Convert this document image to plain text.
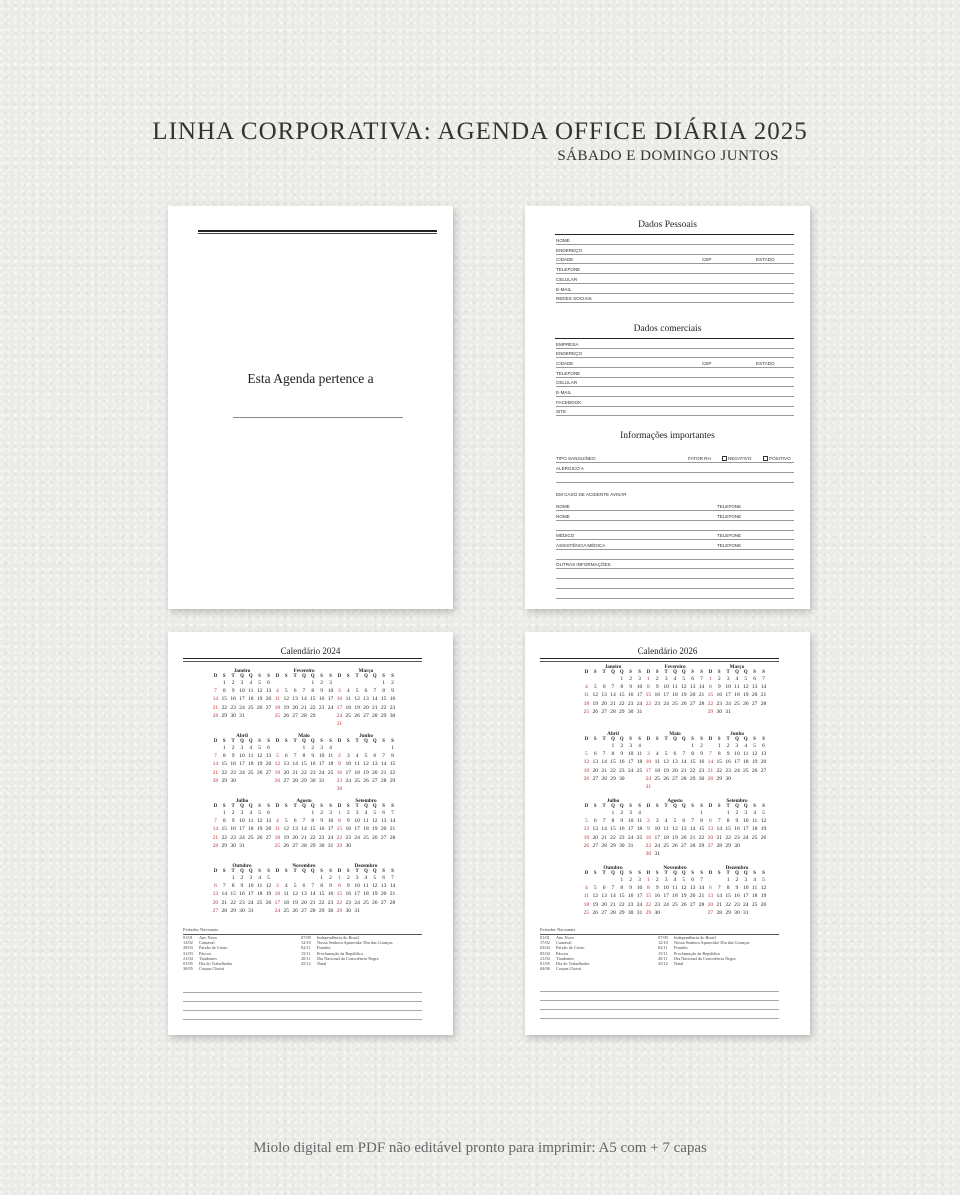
LINHA CORPORATIVA: AGENDA OFFICE DIÁRIA 2025
SÁBADO E DOMINGO JUNTOS
Esta Agenda pertence a
Dados Pessoais
NOME
ENDEREÇO
CIDADE	CEP	ESTADO
TELEFONE
CELULAR
E-MAIL
REDES SOCIAIS
Dados comerciais
EMPRESA
ENDEREÇO
CIDADE	CEP	ESTADO
TELEFONE
CELULAR
E-MAIL
FACEBOOK
SITE
Informações importantes
TIPO SANGUÍNEO	FATOR RH	NEGATIVO	POSITIVO
ALÉRGICO A
EM CASO DE ACIDENTE AVISAR
NOME	TELEFONE
NOME	TELEFONE
MÉDICO	TELEFONE
ASSISTÊNCIA MÉDICA	TELEFONE
OUTRAS INFORMAÇÕES
Calendário 2024
Janeiro
D	S	T	Q	Q	S	S
	1	2	3	4	5	6
7	8	9	10	11	12	13
14	15	16	17	18	19	20
21	22	23	24	25	26	27
28	29	30	31			
Fevereiro
D	S	T	Q	Q	S	S
				1	2	3
4	5	6	7	8	9	10
11	12	13	14	15	16	17
18	19	20	21	22	23	24
25	26	27	28	29		
Março
D	S	T	Q	Q	S	S
					1	2
3	4	5	6	7	8	9
10	11	12	13	14	15	16
17	18	19	20	21	22	23
24	25	26	27	28	29	30
31						
Abril
D	S	T	Q	Q	S	S
	1	2	3	4	5	6
7	8	9	10	11	12	13
14	15	16	17	18	19	20
21	22	23	24	25	26	27
28	29	30				
Maio
D	S	T	Q	Q	S	S
			1	2	3	4
5	6	7	8	9	10	11
12	13	14	15	16	17	18
19	20	21	22	23	24	25
26	27	28	29	30	31	
Junho
D	S	T	Q	Q	S	S
						1
2	3	4	5	6	7	8
9	10	11	12	13	14	15
16	17	18	19	20	21	22
23	24	25	26	27	28	29
30						
Julho
D	S	T	Q	Q	S	S
	1	2	3	4	5	6
7	8	9	10	11	12	13
14	15	16	17	18	19	20
21	22	23	24	25	26	27
28	29	30	31			
Agosto
D	S	T	Q	Q	S	S
				1	2	3
4	5	6	7	8	9	10
11	12	13	14	15	16	17
18	19	20	21	22	23	24
25	26	27	28	29	30	31
Setembro
D	S	T	Q	Q	S	S
1	2	3	4	5	6	7
8	9	10	11	12	13	14
15	16	17	18	19	20	21
22	23	24	25	26	27	28
29	30					
Outubro
D	S	T	Q	Q	S	S
		1	2	3	4	5
6	7	8	9	10	11	12
13	14	15	16	17	18	19
20	21	22	23	24	25	26
27	28	29	30	31		
Novembro
D	S	T	Q	Q	S	S
					1	2
3	4	5	6	7	8	9
10	11	12	13	14	15	16
17	18	19	20	21	22	23
24	25	26	27	28	29	30
Dezembro
D	S	T	Q	Q	S	S
1	2	3	4	5	6	7
8	9	10	11	12	13	14
15	16	17	18	19	20	21
22	23	24	25	26	27	28
29	30	31				
Feriados Nacionais
01/01 Ano Novo
13/02 Carnaval
29/03 Paixão de Cristo
31/03 Páscoa
21/04 Tiradentes
01/05 Dia do Trabalhador
30/05 Corpus Christi
07/09 Independência do Brasil
12/10 Nossa Senhora Aparecida/ Dia das Crianças
02/11 Finados
15/11 Proclamação da República
20/11 Dia Nacional da Consciência Negra
25/12 Natal
Calendário 2026
Janeiro
D	S	T	Q	Q	S	S
				1	2	3
4	5	6	7	8	9	10
11	12	13	14	15	16	17
18	19	20	21	22	23	24
25	26	27	28	29	30	31
Fevereiro
D	S	T	Q	Q	S	S
1	2	3	4	5	6	7
8	9	10	11	12	13	14
15	16	17	18	19	20	21
22	23	24	25	26	27	28
Março
D	S	T	Q	Q	S	S
1	2	3	4	5	6	7
8	9	10	11	12	13	14
15	16	17	18	19	20	21
22	23	24	25	26	27	28
29	30	31				
Abril
D	S	T	Q	Q	S	S
			1	2	3	4
5	6	7	8	9	10	11
12	13	14	15	16	17	18
19	20	21	22	23	24	25
26	27	28	29	30		
Maio
D	S	T	Q	Q	S	S
					1	2
3	4	5	6	7	8	9
10	11	12	13	14	15	16
17	18	19	20	21	22	23
24	25	26	27	28	29	30
31						
Junho
D	S	T	Q	Q	S	S
	1	2	3	4	5	6
7	8	9	10	11	12	13
14	15	16	17	18	19	20
21	22	23	24	25	26	27
28	29	30				
Julho
D	S	T	Q	Q	S	S
			1	2	3	4
5	6	7	8	9	10	11
12	13	14	15	16	17	18
19	20	21	22	23	24	25
26	27	28	29	30	31	
Agosto
D	S	T	Q	Q	S	S
						1
2	3	4	5	6	7	8
9	10	11	12	13	14	15
16	17	18	19	20	21	22
23	24	25	26	27	28	29
30	31					
Setembro
D	S	T	Q	Q	S	S
		1	2	3	4	5
6	7	8	9	10	11	12
13	14	15	16	17	18	19
20	21	22	23	24	25	26
27	28	29	30			
Outubro
D	S	T	Q	Q	S	S
				1	2	3
4	5	6	7	8	9	10
11	12	13	14	15	16	17
18	19	20	21	22	23	24
25	26	27	28	29	30	31
Novembro
D	S	T	Q	Q	S	S
1	2	3	4	5	6	7
8	9	10	11	12	13	14
15	16	17	18	19	20	21
22	23	24	25	26	27	28
29	30					
Dezembro
D	S	T	Q	Q	S	S
		1	2	3	4	5
6	7	8	9	10	11	12
13	14	15	16	17	18	19
20	21	22	23	24	25	26
27	28	29	30	31		
Feriados Nacionais
01/01 Ano Novo
17/02 Carnaval
03/04 Paixão de Cristo
05/04 Páscoa
21/04 Tiradentes
01/05 Dia do Trabalhador
04/06 Corpus Christi
07/09 Independência do Brasil
12/10 Nossa Senhora Aparecida/ Dia das Crianças
02/11 Finados
15/11 Proclamação da República
20/11 Dia Nacional da Consciência Negra
25/12 Natal
Miolo digital em PDF não editável pronto para imprimir: A5 com + 7 capas
